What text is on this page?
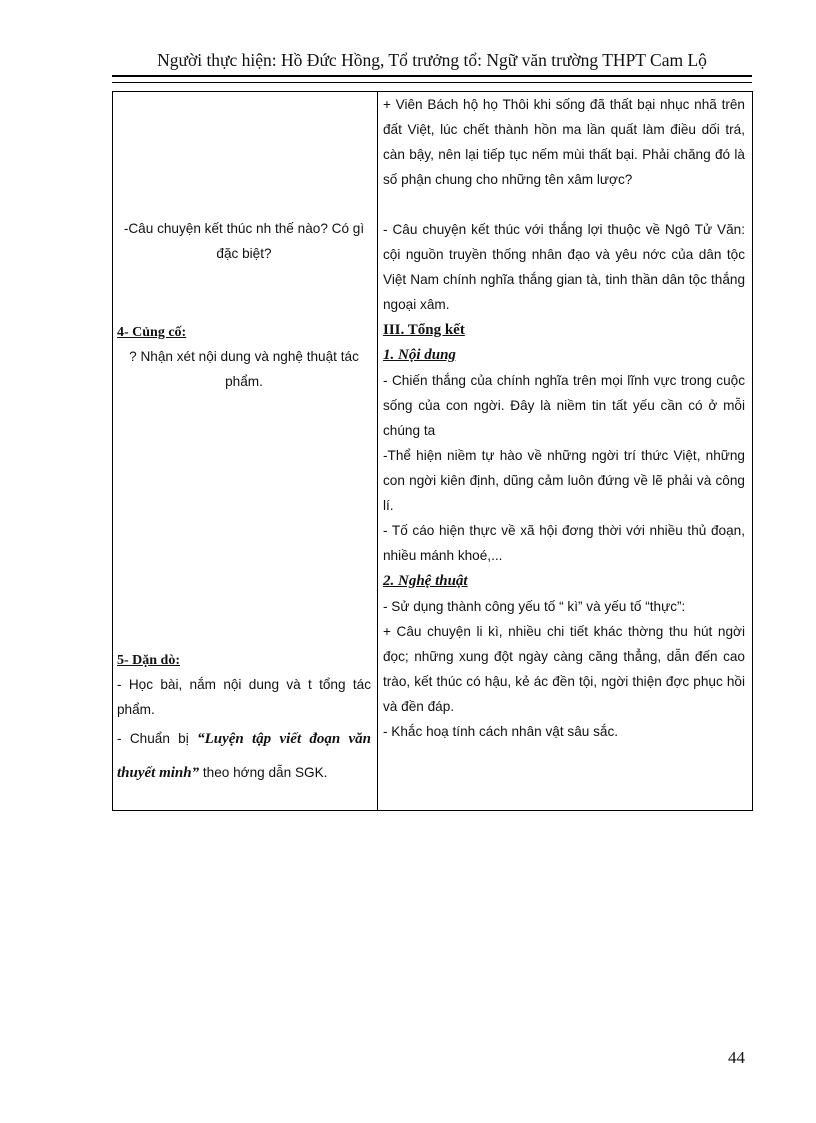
Người thực hiện: Hồ Đức Hồng, Tổ trưởng tổ: Ngữ văn trường THPT Cam Lộ

-Câu chuyện kết thúc nh thế nào? Có gì đặc biệt?

4- Củng cố:

? Nhận xét nội dung và nghệ thuật tác phẩm.

5- Dặn dò:

- Học bài, nắm nội dung và t tổng tác phẩm.

- Chuẩn bị “Luyện tập viết đoạn văn thuyết minh” theo hớng dẫn SGK.

+ Viên Bách hộ họ Thôi khi sống đã thất bại nhục nhã trên đất Việt, lúc chết thành hồn ma lần quất làm điều dối trá, càn bậy, nên lại tiếp tục nếm mùi thất bại. Phải chăng đó là số phận chung cho những tên xâm lược?

- Câu chuyện kết thúc với thắng lợi thuộc về Ngô Tử Văn: cội nguồn truyền thống nhân đạo và yêu nớc của dân tộc Việt Nam chính nghĩa thắng gian tà, tinh thần dân tộc thắng ngoại xâm.

III. Tổng kết

1. Nội dung

- Chiến thắng của chính nghĩa trên mọi lĩnh vực trong cuộc sống của con ngời. Đây là niềm tin tất yếu cần có ở mỗi chúng ta

-Thể hiện niềm tự hào về những ngời trí thức Việt, những con ngời kiên định, dũng cảm luôn đứng về lẽ phải và công lí.

- Tố cáo hiện thực về xã hội đơng thời với nhiều thủ đoạn, nhiều mánh khoé,...

2. Nghệ thuật

- Sử dụng thành công yếu tố “ kì” và yếu tố “thực”:

+ Câu chuyện li kì, nhiều chi tiết khác thờng thu hút ngời đọc; những xung đột ngày càng căng thẳng, dẫn đến cao trào, kết thúc có hậu, kẻ ác đền tội, ngời thiện đợc phục hồi và đền đáp.

- Khắc hoạ tính cách nhân vật sâu sắc.

44
